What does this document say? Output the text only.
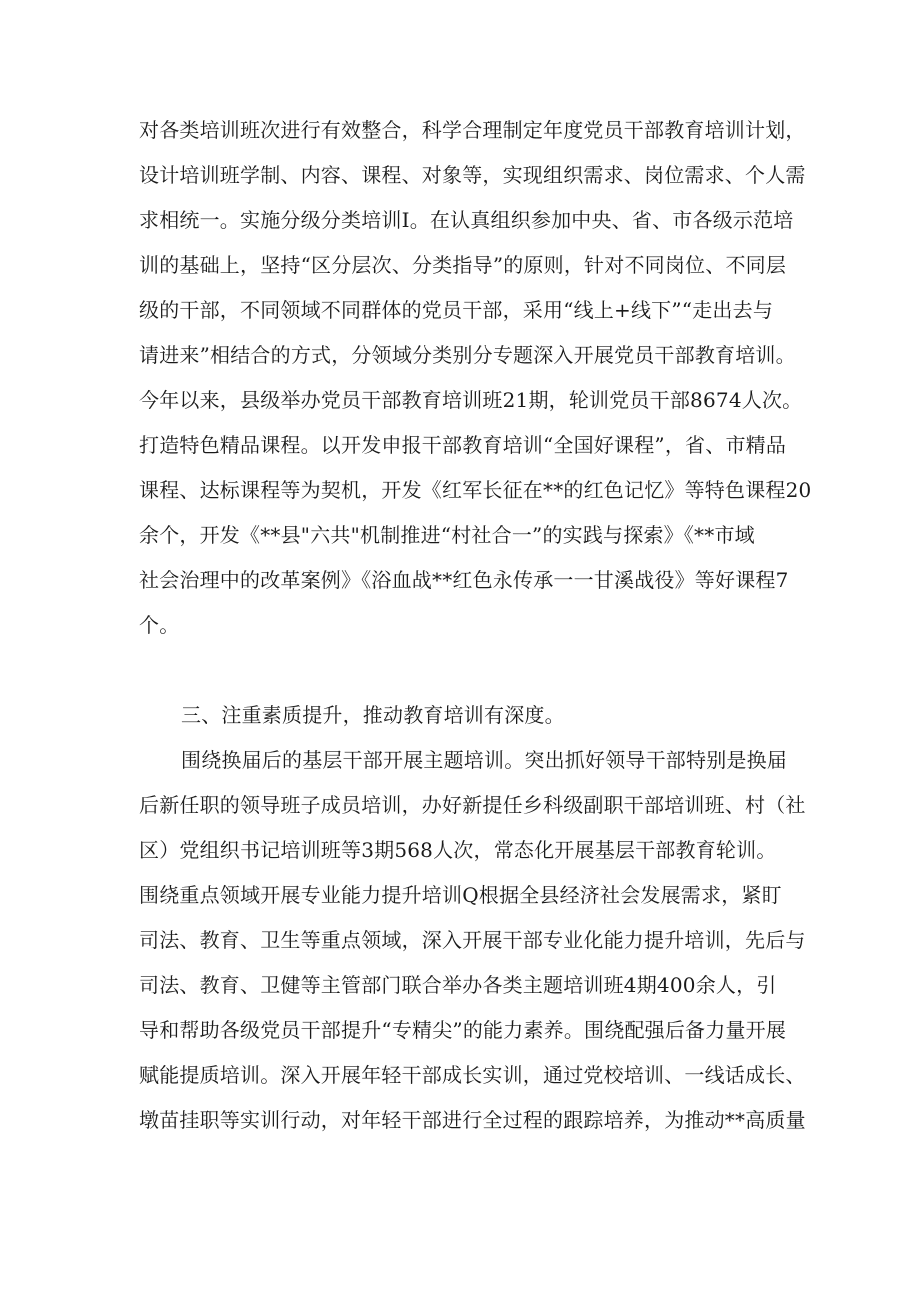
对各类培训班次进行有效整合，科学合理制定年度党员干部教育培训计划，
设计培训班学制、内容、课程、对象等，实现组织需求、岗位需求、个人需
求相统一。实施分级分类培训I。在认真组织参加中央、省、市各级示范培
训的基础上，坚持“区分层次、分类指导”的原则，针对不同岗位、不同层
级的干部，不同领域不同群体的党员干部，采用“线上+线下”“走出去与
请进来”相结合的方式，分领域分类别分专题深入开展党员干部教育培训。
今年以来，县级举办党员干部教育培训班21期，轮训党员干部8674人次。
打造特色精品课程。以开发申报干部教育培训“全国好课程”，省、市精品
课程、达标课程等为契机，开发《红军长征在**的红色记忆》等特色课程20
余个，开发《**县"六共"机制推进“村社合一”的实践与探索》《**市域
社会治理中的改革案例》《浴血战**红色永传承一一甘溪战役》等好课程7
个。
三、注重素质提升，推动教育培训有深度。
围绕换届后的基层干部开展主题培训。突出抓好领导干部特别是换届
后新任职的领导班子成员培训，办好新提任乡科级副职干部培训班、村（社
区）党组织书记培训班等3期568人次，常态化开展基层干部教育轮训。
围绕重点领域开展专业能力提升培训Q根据全县经济社会发展需求，紧盯
司法、教育、卫生等重点领域，深入开展干部专业化能力提升培训，先后与
司法、教育、卫健等主管部门联合举办各类主题培训班4期400余人，引
导和帮助各级党员干部提升“专精尖”的能力素养。围绕配强后备力量开展
赋能提质培训。深入开展年轻干部成长实训，通过党校培训、一线话成长、
墩苗挂职等实训行动，对年轻干部进行全过程的跟踪培养，为推动**高质量
